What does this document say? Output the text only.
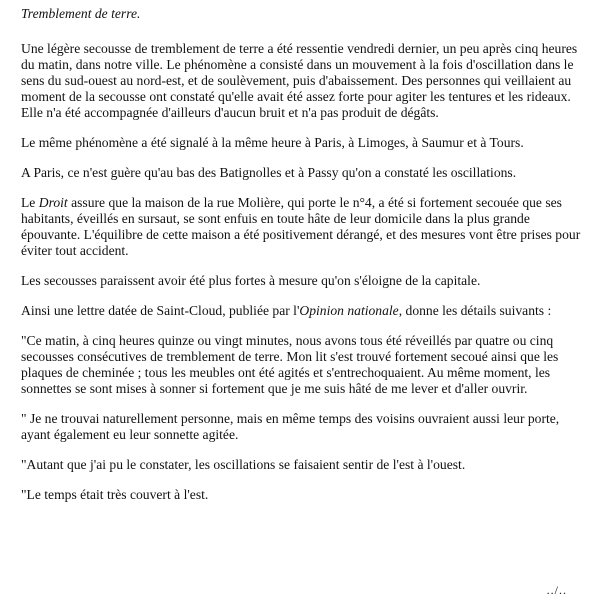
Tremblement de terre.

Une légère secousse de tremblement de terre a été ressentie vendredi dernier, un peu après cinq heures du matin, dans notre ville. Le phénomène a consisté dans un mouvement à la fois d'oscillation dans le sens du sud-ouest au nord-est, et de soulèvement, puis d'abaissement. Des personnes qui veillaient au moment de la secousse ont constaté qu'elle avait été assez forte pour agiter les tentures et les rideaux. Elle n'a été accompagnée d'ailleurs d'aucun bruit et n'a pas produit de dégâts.

Le même phénomène a été signalé à la même heure à Paris, à Limoges, à Saumur et à Tours.

A Paris, ce n'est guère qu'au bas des Batignolles et à Passy qu'on a constaté les oscillations.

Le Droit assure que la maison de la rue Molière, qui porte le n°4, a été si fortement secouée que ses habitants, éveillés en sursaut, se sont enfuis en toute hâte de leur domicile dans la plus grande épouvante. L'équilibre de cette maison a été positivement dérangé, et des mesures vont être prises pour éviter tout accident.

Les secousses paraissent avoir été plus fortes à mesure qu'on s'éloigne de la capitale.

Ainsi une lettre datée de Saint-Cloud, publiée par l'Opinion nationale, donne les détails suivants :

"Ce matin, à cinq heures quinze ou vingt minutes, nous avons tous été réveillés par quatre ou cinq secousses consécutives de tremblement de terre. Mon lit s'est trouvé fortement secoué ainsi que les plaques de cheminée ; tous les meubles ont été agités et s'entrechoquaient. Au même moment, les sonnettes se sont mises à sonner si fortement que je me suis hâté de me lever et d'aller ouvrir.

" Je ne trouvai naturellement personne, mais en même temps des voisins ouvraient aussi leur porte, ayant également eu leur sonnette agitée.

"Autant que j'ai pu le constater, les oscillations se faisaient sentir de l'est à l'ouest.

"Le temps était très couvert à l'est.

../..
